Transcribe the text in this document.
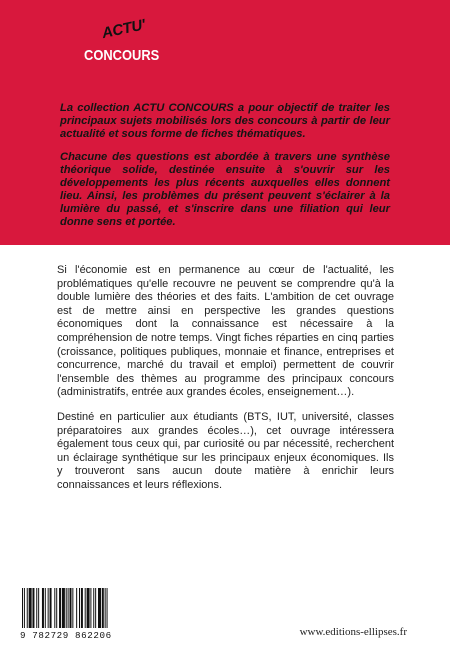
ACTU'
CONCOURS

La collection ACTU CONCOURS a pour objectif de traiter les principaux sujets mobilisés lors des concours à partir de leur actualité et sous forme de fiches thématiques.

Chacune des questions est abordée à travers une synthèse théorique solide, destinée ensuite à s'ouvrir sur les développements les plus récents auxquelles elles donnent lieu. Ainsi, les problèmes du présent peuvent s'éclairer à la lumière du passé, et s'inscrire dans une filiation qui leur donne sens et portée.

Si l'économie est en permanence au cœur de l'actualité, les problématiques qu'elle recouvre ne peuvent se comprendre qu'à la double lumière des théories et des faits. L'ambition de cet ouvrage est de mettre ainsi en perspective les grandes questions économiques dont la connaissance est nécessaire à la compréhension de notre temps. Vingt fiches réparties en cinq parties (croissance, politiques publiques, monnaie et finance, entreprises et concurrence, marché du travail et emploi) permettent de couvrir l'ensemble des thèmes au programme des principaux concours (administratifs, entrée aux grandes écoles, enseignement…).

Destiné en particulier aux étudiants (BTS, IUT, université, classes préparatoires aux grandes écoles…), cet ouvrage intéressera également tous ceux qui, par curiosité ou par nécessité, recherchent un éclairage synthétique sur les principaux enjeux économiques. Ils y trouveront sans aucun doute matière à enrichir leurs connaissances et leurs réflexions.

9 782729 862206	www.editions-ellipses.fr
